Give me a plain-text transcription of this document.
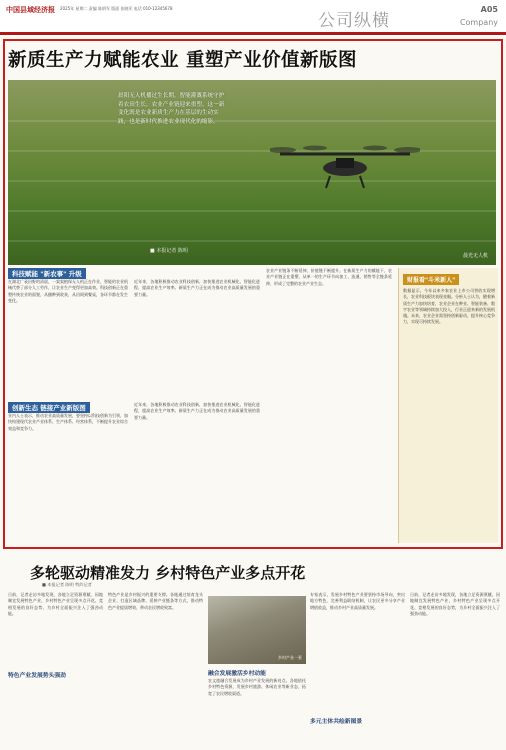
中国县域经济报 2025年 星期二 责编 陈炳军 版面 张晓军 电话 010-12345678
公司纵横
A05
Company
新质生产力赋能农业 重塑产业价值新版图
晨光无人机
晨阳无人机播过生长期，智能灌溉系统守护着农田生长，农业产业链迎来重塑。这一新变化既是农业新质生产力在基层的生动实践，也是新时代推进农业现代化的缩影。
■ 本报记者 陈明
科技赋能 "新农事" 升级
在湖北广袤田野的清晨，一架架植保无人机正在作业，智能的农业机械代替了部分人工劳作，让农业生产变得更加高效。科技创新正在重塑传统农业的面貌，从播种到收获，从田间到餐桌，各环节都在发生变化。
近年来，各地积极推动农业科技创新，加快推进农业机械化、智能化进程，提高农业生产效率。新质生产力正在成为推动农业高质量发展的重要力量。
农业产业链条不断延伸，价值链不断提升。在新质生产力的赋能下，农业产业链正在重塑，从单一的生产环节向加工、流通、销售等全链条延伸，形成了完整的农业产业生态。
创新生态 链接产业新版图
业内人士表示，推动农业高质量发展，要坚持以科技创新为引领，加快构建现代农业产业体系、生产体系、经营体系，不断提升农业综合效益和竞争力。
近年来，各地积极推动农业科技创新，加快推进农业机械化、智能化进程，提高农业生产效率。新质生产力正在成为推动农业高质量发展的重要力量。
财报看"斗米新人"
数据显示，今年以来多家农业上市公司营收实现增长，农业科技板块表现亮眼。分析人士认为，随着新质生产力加快培育，农业企业在种业、智能装备、数字农业等领域持续加大投入，行业正迎来新的发展机遇。未来，农业企业需坚持创新驱动，提升核心竞争力，实现可持续发展。
多轮驱动精准发力 乡村特色产业多点开花
■ 本报记者 陈明 特约记者
日前，记者走访多地发现，各地立足资源禀赋，因地制宜发展特色产业，乡村特色产业呈现多点开花、竞相发展的良好态势，为乡村全面振兴注入了强劲动能。
特色产业发展势头强劲
特色产业是乡村振兴的重要支撑。各地通过培育龙头企业、打造区域品牌、延伸产业链条等方式，推动特色产业提质增效，带动农民增收致富。
乡村产业一景
融合发展激活乡村动能
农文旅融合发展成为乡村产业发展的新亮点。各地依托乡村特色资源，发展乡村旅游、休闲农业等新业态，拓宽了农民增收渠道。
专家表示，发展乡村特色产业要坚持市场导向，突出地方特色，完善利益联结机制，让农民更多分享产业增值收益，推动乡村产业高质量发展。
多元主体共绘新图景
日前，记者走访多地发现，各地立足资源禀赋，因地制宜发展特色产业，乡村特色产业呈现多点开花、竞相发展的良好态势，为乡村全面振兴注入了强劲动能。
